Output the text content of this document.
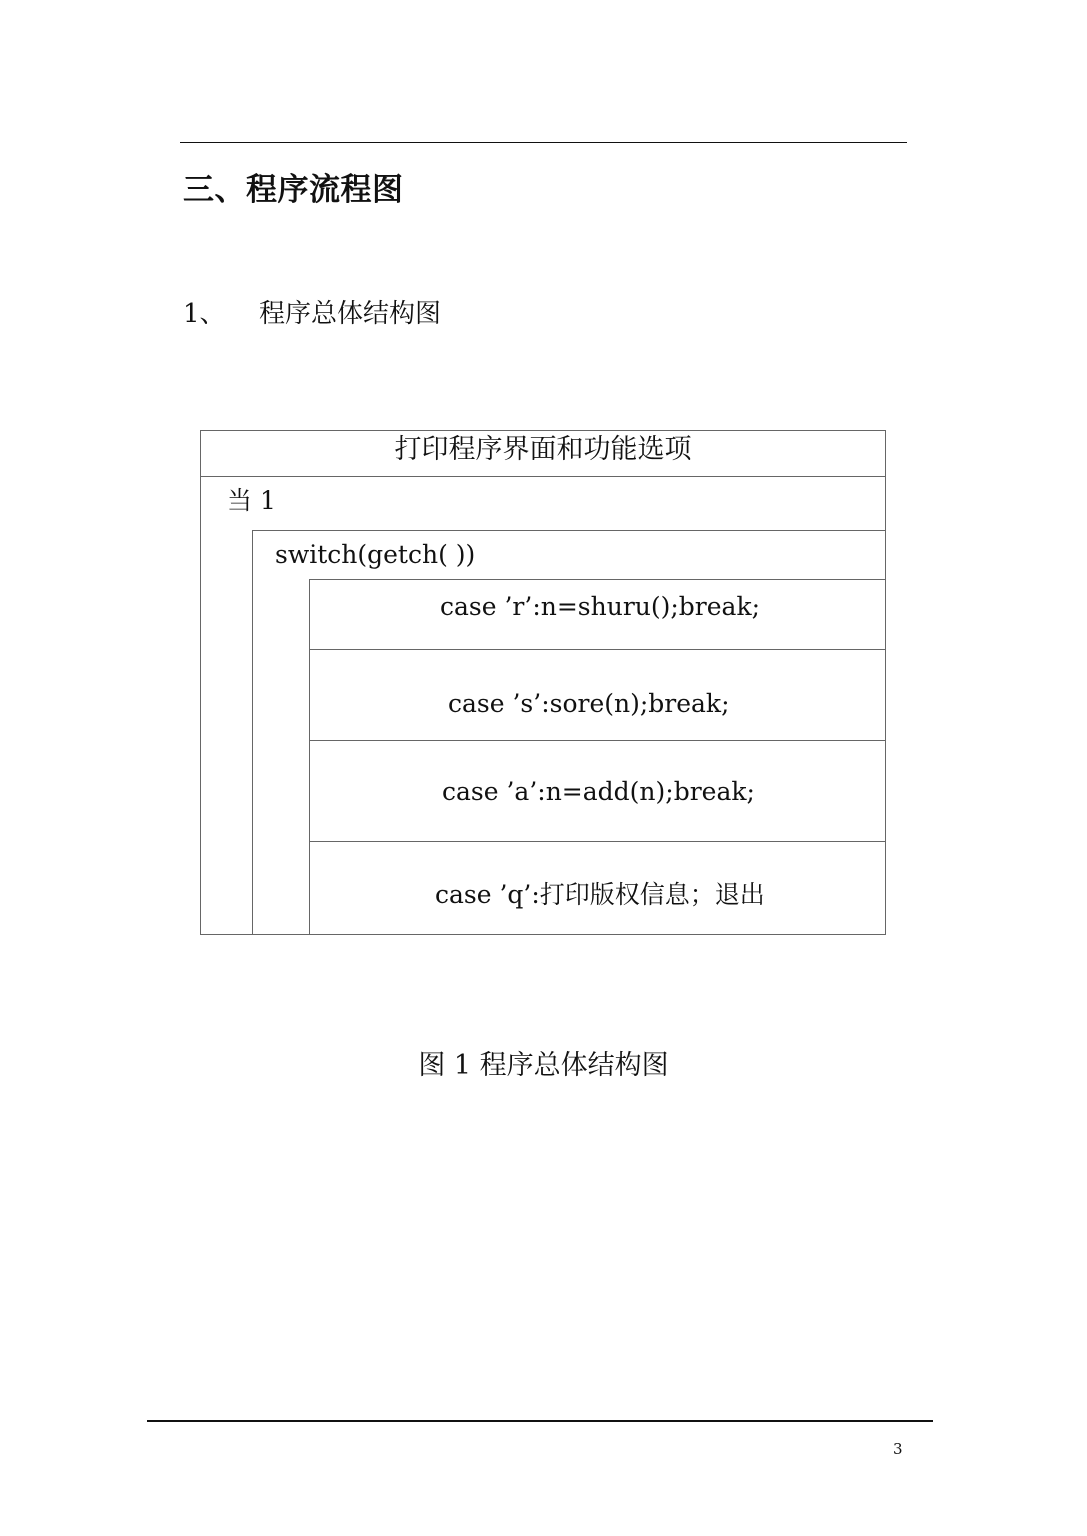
三、程序流程图
1、 程序总体结构图
打印程序界面和功能选项
当 1
switch(getch( ))
case ’r’:n=shuru();break;
case ’s’:sore(n);break;
case ’a’:n=add(n);break;
case ’q’:打印版权信息；退出
图 1 程序总体结构图
3
